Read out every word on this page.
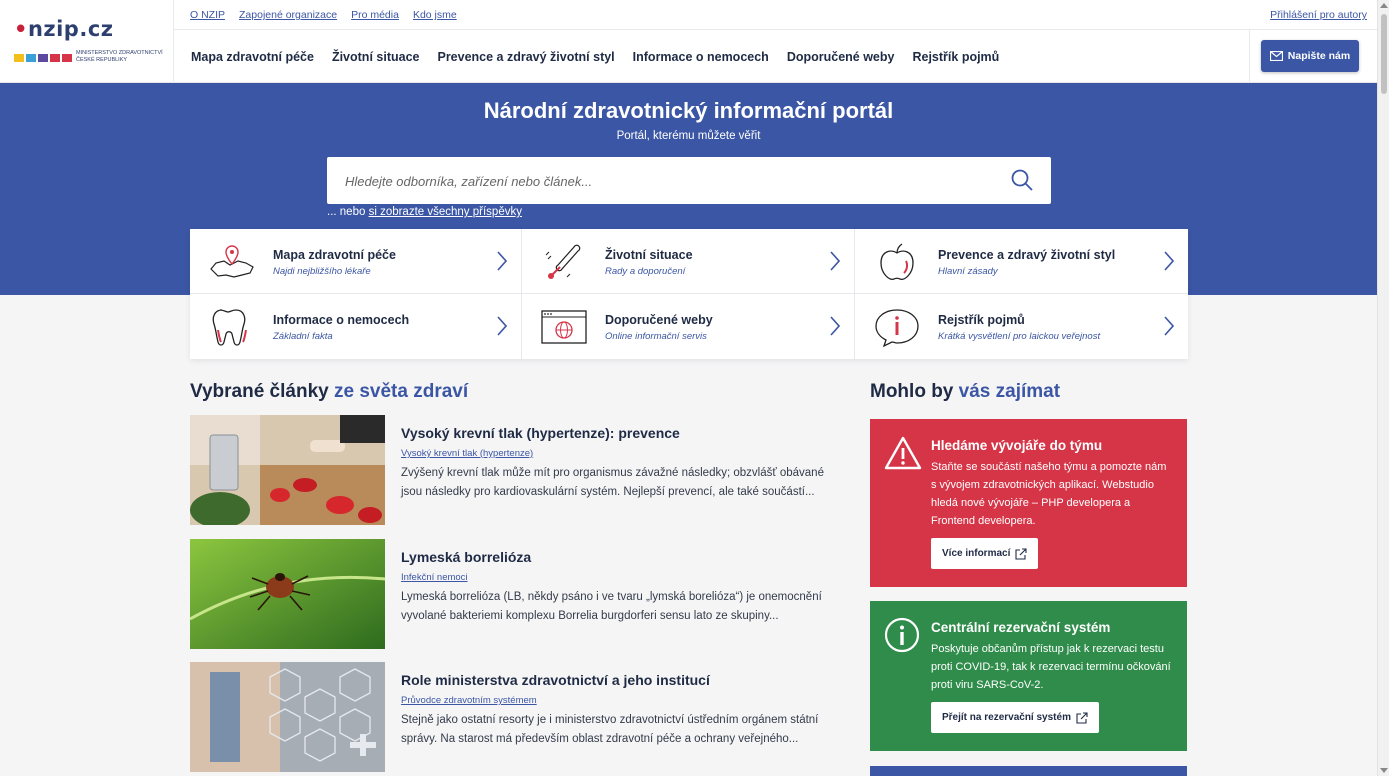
•nzip.cz
MINISTERSTVO ZDRAVOTNICTVÍ ČESKÉ REPUBLIKY
O NZIP Zapojené organizace Pro média Kdo jsme	Přihlášení pro autory
Mapa zdravotní péče Životní situace Prevence a zdravý životní styl Informace o nemocech Doporučené weby Rejstřík pojmů	Napište nám
Národní zdravotnický informační portál
Portál, kterému můžete věřit
Hledejte odborníka, zařízení nebo článek...
... nebo si zobrazte všechny příspěvky
Mapa zdravotní péče
Najdi nejbližšího lékaře
Životní situace
Rady a doporučení
Prevence a zdravý životní styl
Hlavní zásady
Informace o nemocech
Základní fakta
Doporučené weby
Online informační servis
Rejstřík pojmů
Krátká vysvětlení pro laickou veřejnost
Vybrané články ze světa zdraví
Vysoký krevní tlak (hypertenze): prevence
Vysoký krevní tlak (hypertenze)
Zvýšený krevní tlak může mít pro organismus závažné následky; obzvlášť obávané jsou následky pro kardiovaskulární systém. Nejlepší prevencí, ale také součástí...
Lymeská borrelióza
Infekční nemoci
Lymeská borrelióza (LB, někdy psáno i ve tvaru „lymská borelióza“) je onemocnění vyvolané bakteriemi komplexu Borrelia burgdorferi sensu lato ze skupiny...
Role ministerstva zdravotnictví a jeho institucí
Průvodce zdravotním systémem
Stejně jako ostatní resorty je i ministerstvo zdravotnictví ústředním orgánem státní správy. Na starost má především oblast zdravotní péče a ochrany veřejného...
Mohlo by vás zajímat
Hledáme vývojáře do týmu
Staňte se součástí našeho týmu a pomozte nám s vývojem zdravotnických aplikací. Webstudio hledá nové vývojáře – PHP developera a Frontend developera.
Více informací
Centrální rezervační systém
Poskytuje občanům přístup jak k rezervaci testu proti COVID-19, tak k rezervaci termínu očkování proti viru SARS-CoV-2.
Přejít na rezervační systém
